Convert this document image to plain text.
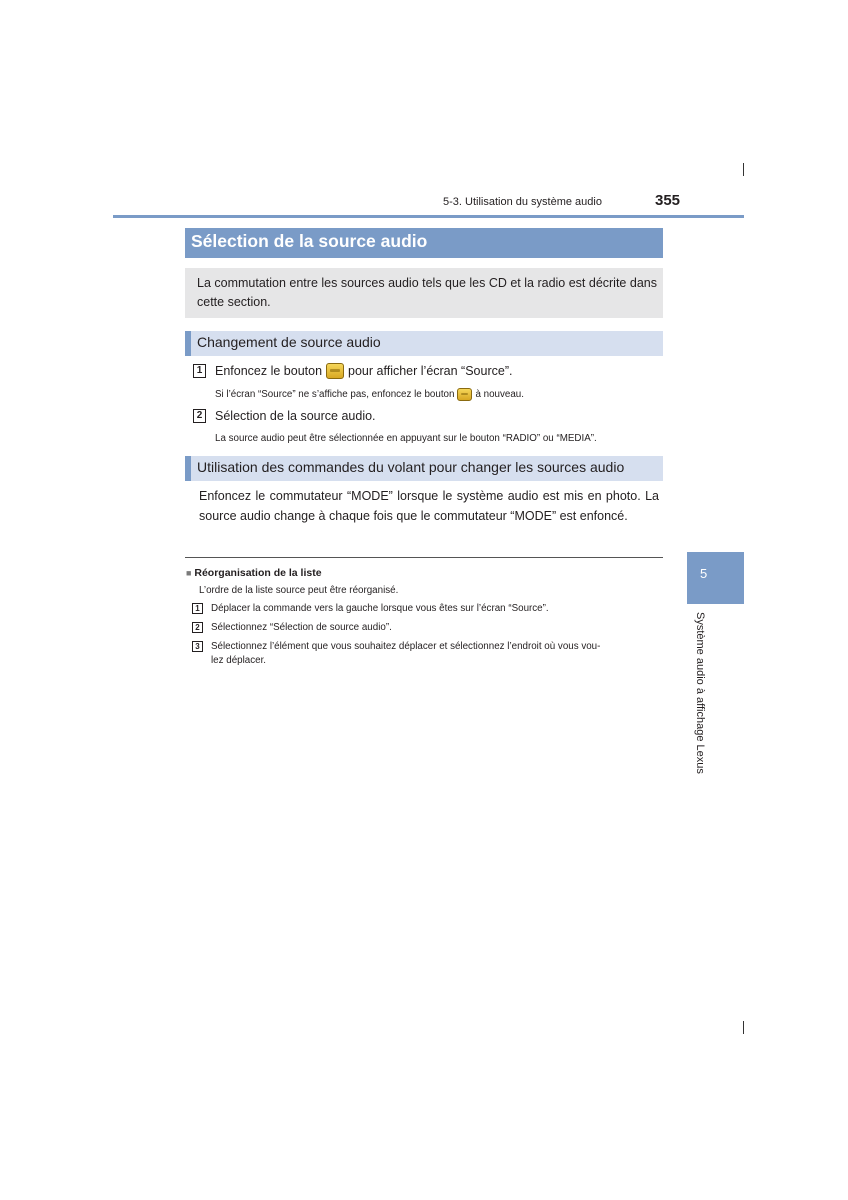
5-3. Utilisation du système audio	355
Sélection de la source audio

La commutation entre les sources audio tels que les CD et la radio est décrite dans cette section.

Changement de source audio
1 Enfoncez le bouton pour afficher l’écran “Source”.
Si l’écran “Source” ne s’affiche pas, enfoncez le bouton à nouveau.
2 Sélection de la source audio.
La source audio peut être sélectionnée en appuyant sur le bouton “RADIO” ou “MEDIA”.
Utilisation des commandes du volant pour changer les sources audio
Enfoncez le commutateur “MODE” lorsque le système audio est mis en photo. La source audio change à chaque fois que le commutateur “MODE” est enfoncé.
■ Réorganisation de la liste
L’ordre de la liste source peut être réorganisé.
1	Déplacer la commande vers la gauche lorsque vous êtes sur l’écran “Source”.
2	Sélectionnez “Sélection de source audio”.
3	Sélectionnez l’élément que vous souhaitez déplacer et sélectionnez l’endroit où vous vou-
lez déplacer.
5
Système audio à affichage Lexus
